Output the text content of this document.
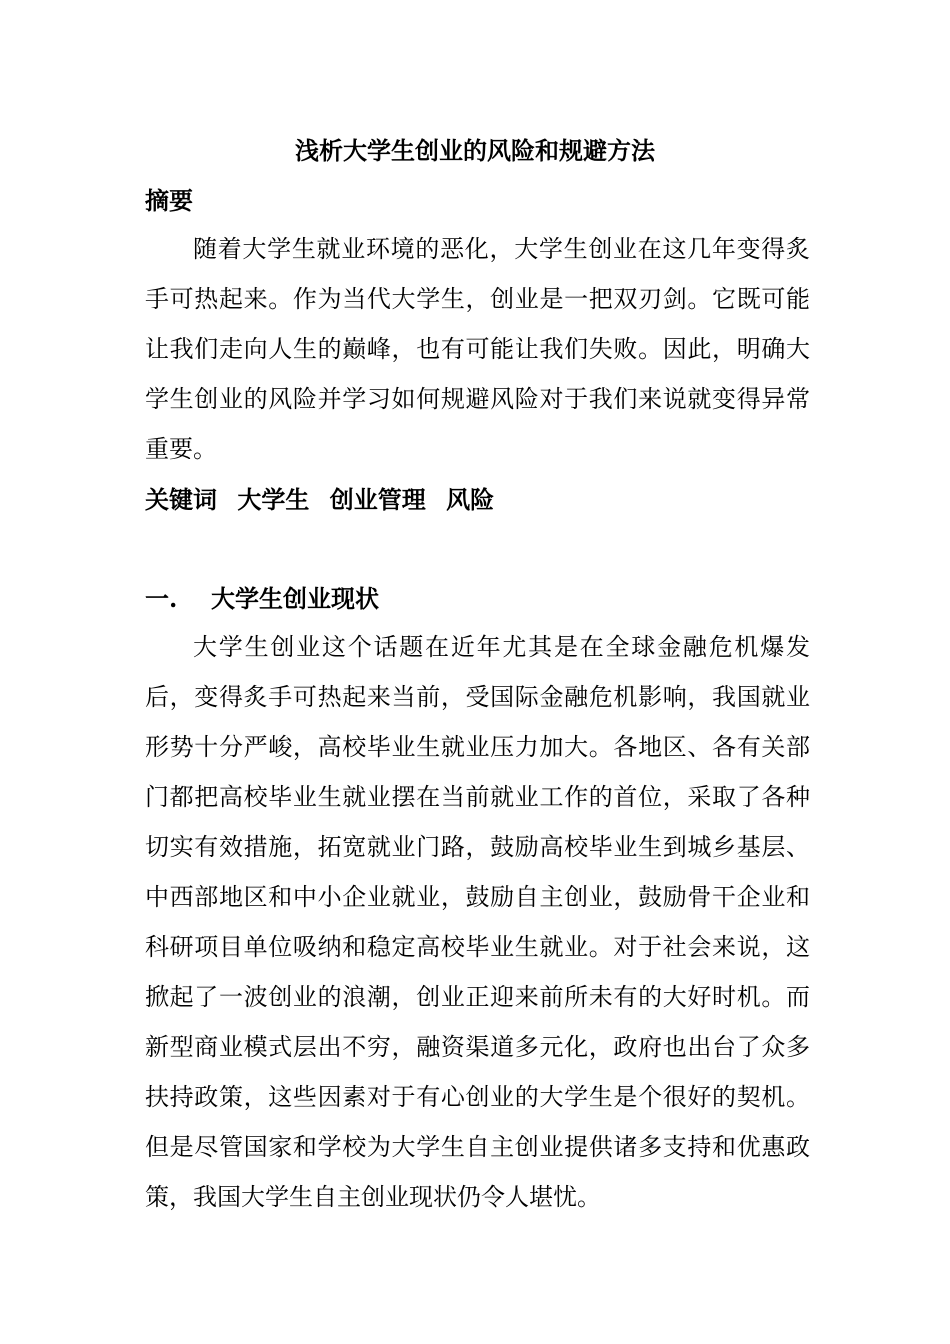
浅析大学生创业的风险和规避方法
摘要

随着大学生就业环境的恶化，大学生创业在这几年变得炙手可热起来。作为当代大学生，创业是一把双刃剑。它既可能让我们走向人生的巅峰，也有可能让我们失败。因此，明确大学生创业的风险并学习如何规避风险对于我们来说就变得异常重要。

关键词 大学生 创业管理 风险
一. 大学生创业现状

大学生创业这个话题在近年尤其是在全球金融危机爆发后，变得炙手可热起来当前，受国际金融危机影响，我国就业形势十分严峻，高校毕业生就业压力加大。各地区、各有关部门都把高校毕业生就业摆在当前就业工作的首位，采取了各种切实有效措施，拓宽就业门路，鼓励高校毕业生到城乡基层、中西部地区和中小企业就业，鼓励自主创业，鼓励骨干企业和科研项目单位吸纳和稳定高校毕业生就业。对于社会来说，这掀起了一波创业的浪潮，创业正迎来前所未有的大好时机。而新型商业模式层出不穷，融资渠道多元化，政府也出台了众多扶持政策，这些因素对于有心创业的大学生是个很好的契机。但是尽管国家和学校为大学生自主创业提供诸多支持和优惠政策，我国大学生自主创业现状仍令人堪忧。
